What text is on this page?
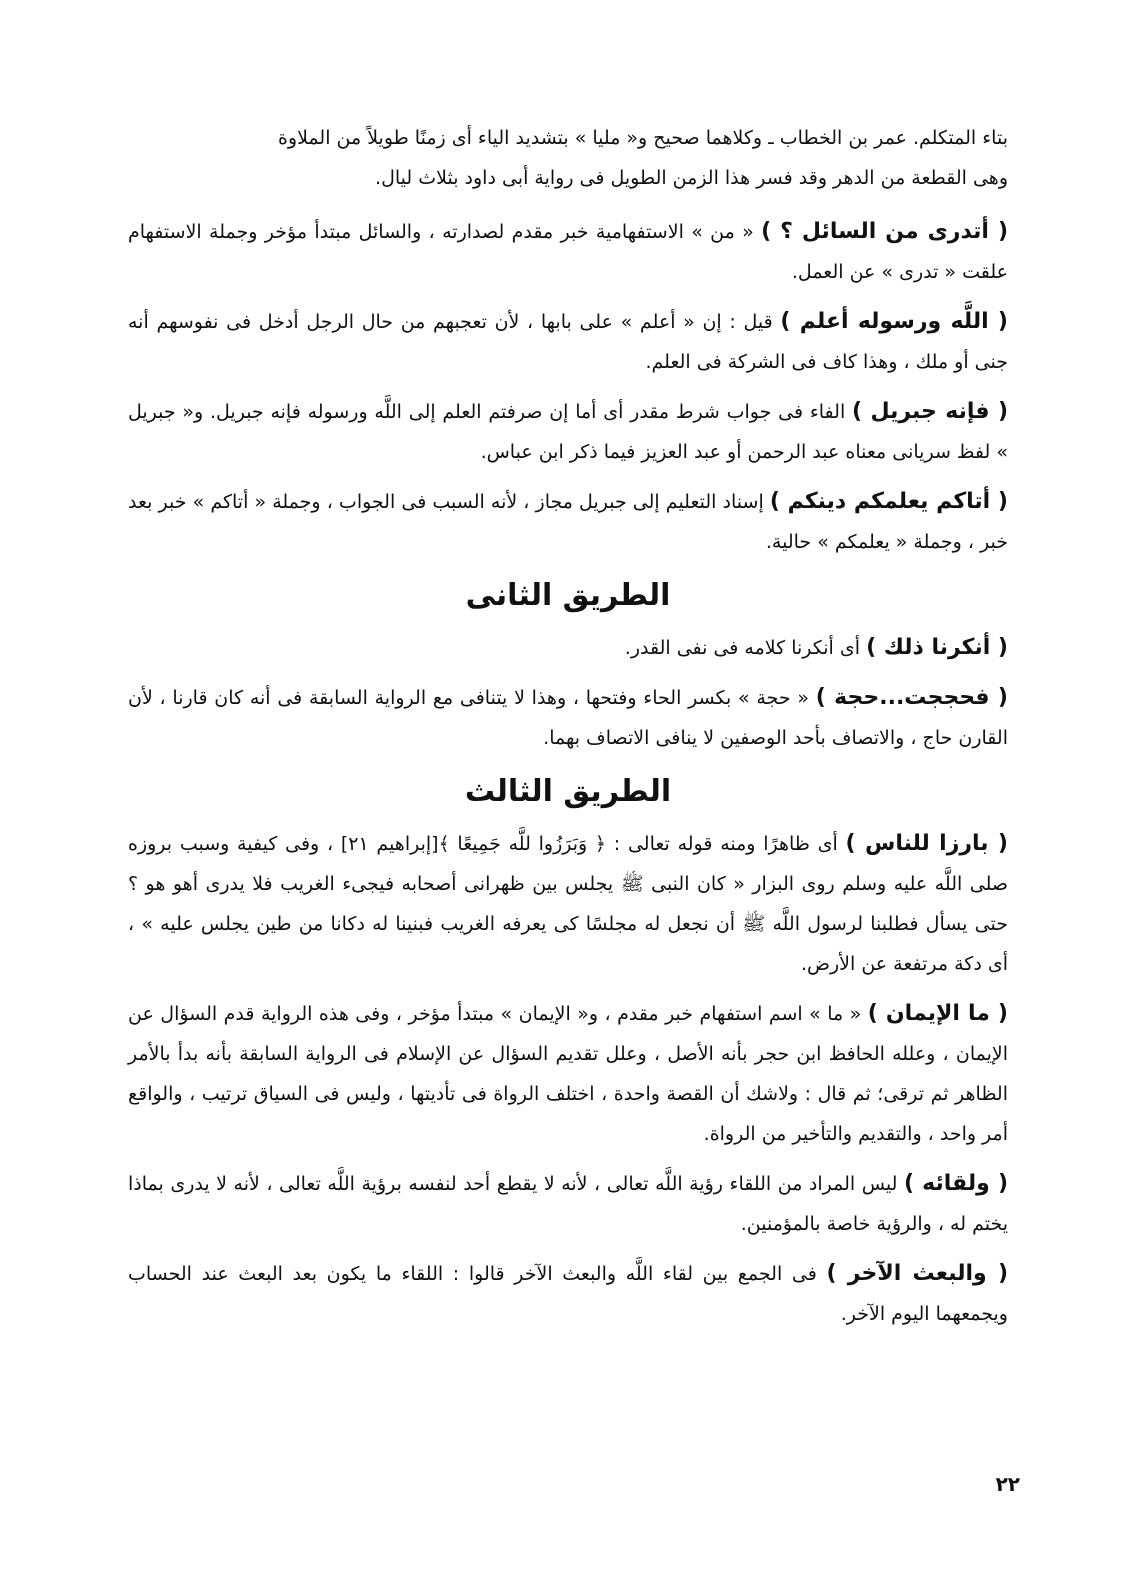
بتاء المتكلم. عمر بن الخطاب ـ وكلاهما صحيح و« مليا » بتشديد الياء أى زمنًا طويلاً من الملاوة
وهى القطعة من الدهر وقد فسر هذا الزمن الطويل فى رواية أبى داود بثلاث ليال.

( أتدرى من السائل ؟ ) « من » الاستفهامية خبر مقدم لصدارته ، والسائل مبتدأ مؤخر وجملة الاستفهام علقت « تدرى » عن العمل.

( اللَّه ورسوله أعلم ) قيل : إن « أعلم » على بابها ، لأن تعجبهم من حال الرجل أدخل فى نفوسهم أنه جنى أو ملك ، وهذا كاف فى الشركة فى العلم.

( فإنه جبريل ) الفاء فى جواب شرط مقدر أى أما إن صرفتم العلم إلى اللَّه ورسوله فإنه جبريل. و« جبريل » لفظ سريانى معناه عبد الرحمن أو عبد العزيز فيما ذكر ابن عباس.

( أتاكم يعلمكم دينكم ) إسناد التعليم إلى جبريل مجاز ، لأنه السبب فى الجواب ، وجملة « أتاكم » خبر بعد خبر ، وجملة « يعلمكم » حالية.

الطريق الثانى

( أنكرنا ذلك ) أى أنكرنا كلامه فى نفى القدر.

( فحججت...حجة ) « حجة » بكسر الحاء وفتحها ، وهذا لا يتنافى مع الرواية السابقة فى أنه كان قارنا ، لأن القارن حاج ، والاتصاف بأحد الوصفين لا ينافى الاتصاف بهما.

الطريق الثالث

( بارزا للناس ) أى ظاهرًا ومنه قوله تعالى : ﴿ وَبَرَزُوا للَّه جَمِيعًا ﴾[إبراهيم ٢١] ، وفى كيفية وسبب بروزه صلى اللَّه عليه وسلم روى البزار « كان النبى ﷺ يجلس بين ظهرانى أصحابه فيجىء الغريب فلا يدرى أهو هو ؟ حتى يسأل فطلبنا لرسول اللَّه ﷺ أن نجعل له مجلسًا كى يعرفه الغريب فبنينا له دكانا من طين يجلس عليه » ، أى دكة مرتفعة عن الأرض.

( ما الإيمان ) « ما » اسم استفهام خبر مقدم ، و« الإيمان » مبتدأ مؤخر ، وفى هذه الرواية قدم السؤال عن الإيمان ، وعلله الحافظ ابن حجر بأنه الأصل ، وعلل تقديم السؤال عن الإسلام فى الرواية السابقة بأنه بدأ بالأمر الظاهر ثم ترقى؛ ثم قال : ولاشك أن القصة واحدة ، اختلف الرواة فى تأديتها ، وليس فى السياق ترتيب ، والواقع أمر واحد ، والتقديم والتأخير من الرواة.

( ولقائه ) ليس المراد من اللقاء رؤية اللَّه تعالى ، لأنه لا يقطع أحد لنفسه برؤية اللَّه تعالى ، لأنه لا يدرى بماذا يختم له ، والرؤية خاصة بالمؤمنين.

( والبعث الآخر ) فى الجمع بين لقاء اللَّه والبعث الآخر قالوا : اللقاء ما يكون بعد البعث عند الحساب ويجمعهما اليوم الآخر.

٢٢
